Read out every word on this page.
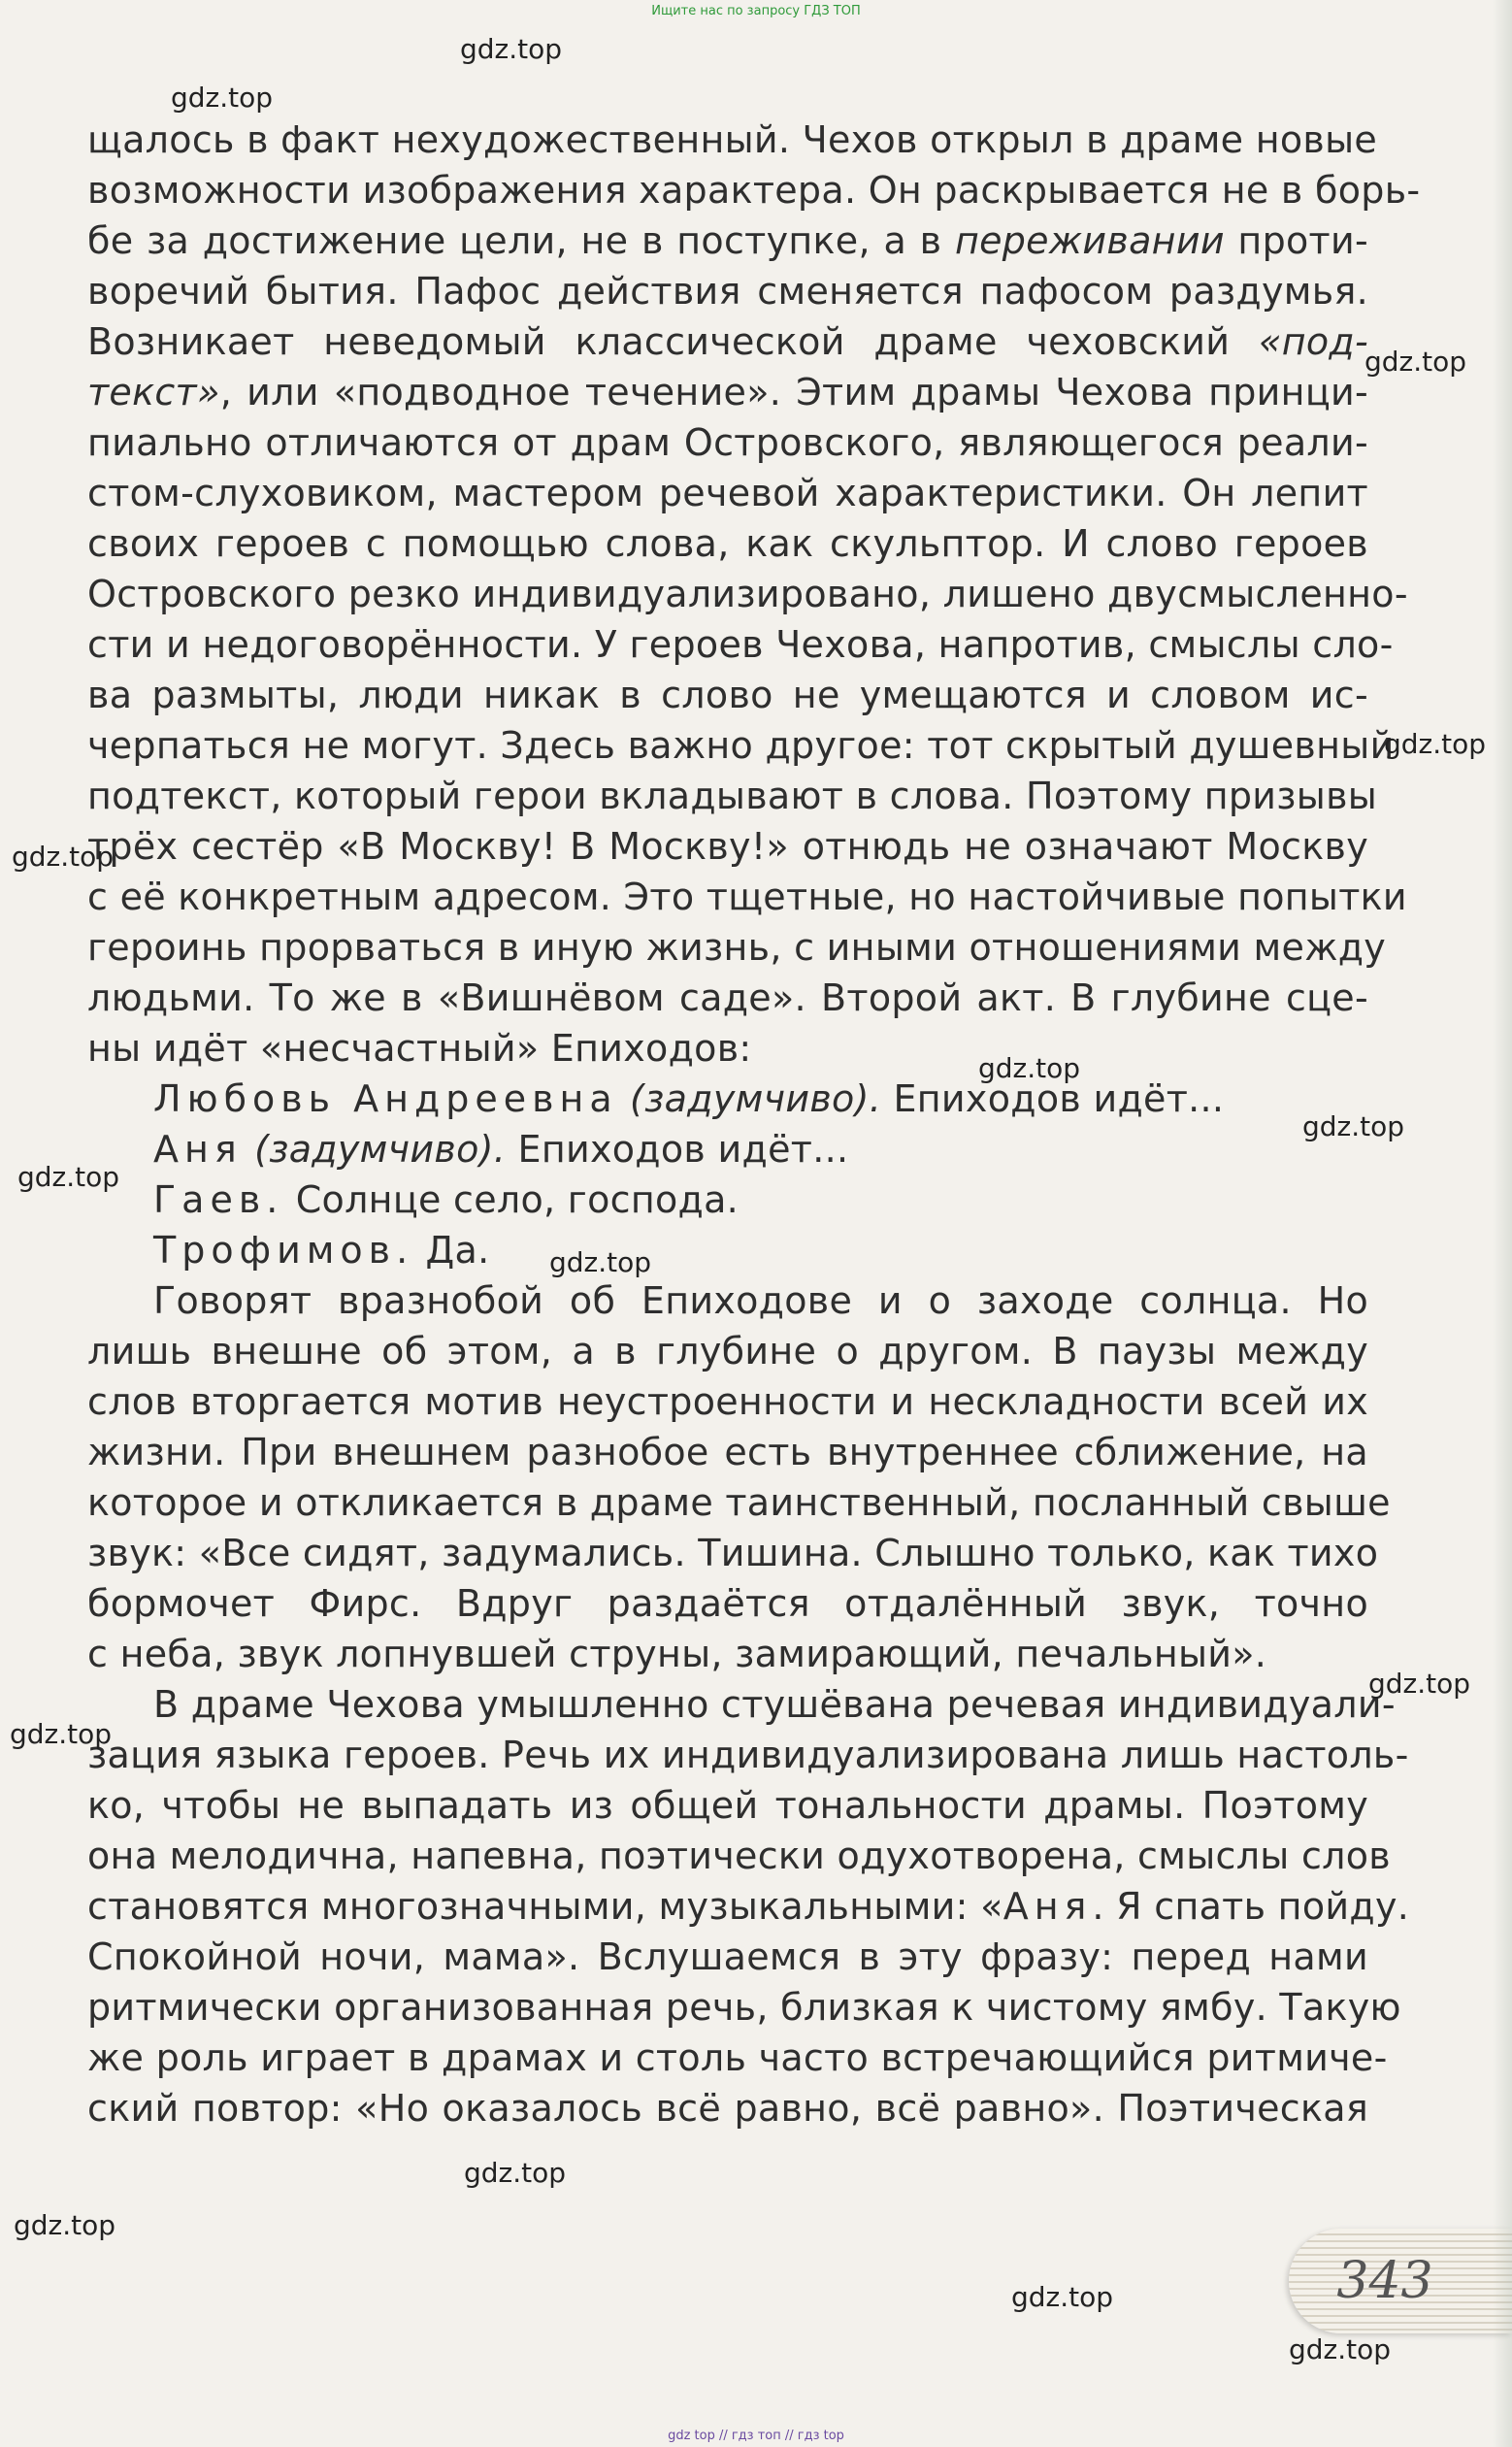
Ищите нас по запросу ГДЗ ТОП

щалось в факт нехудожественный. Чехов открыл в драме новые

возможности изображения характера. Он раскрывается не в борь-

бе за достижение цели, не в поступке, а в переживании проти-

воречий бытия. Пафос действия сменяется пафосом раздумья.

Возникает неведомый классической драме чеховский «под-

текст», или «подводное течение». Этим драмы Чехова принци-

пиально отличаются от драм Островского, являющегося реали-

стом-слуховиком, мастером речевой характеристики. Он лепит

своих героев с помощью слова, как скульптор. И слово героев

Островского резко индивидуализировано, лишено двусмысленно-

сти и недоговорённости. У героев Чехова, напротив, смыслы сло-

ва размыты, люди никак в слово не умещаются и словом ис-

черпаться не могут. Здесь важно другое: тот скрытый душевный

подтекст, который герои вкладывают в слова. Поэтому призывы

трёх сестёр «В Москву! В Москву!» отнюдь не означают Москву

с её конкретным адресом. Это тщетные, но настойчивые попытки

героинь прорваться в иную жизнь, с иными отношениями между

людьми. То же в «Вишнёвом саде». Второй акт. В глубине сце-

ны идёт «несчастный» Епиходов:

Любовь Андреевна (задумчиво). Епиходов идёт...

Аня (задумчиво). Епиходов идёт...

Гаев. Солнце село, господа.

Трофимов. Да.

Говорят вразнобой об Епиходове и о заходе солнца. Но

лишь внешне об этом, а в глубине о другом. В паузы между

слов вторгается мотив неустроенности и нескладности всей их

жизни. При внешнем разнобое есть внутреннее сближение, на

которое и откликается в драме таинственный, посланный свыше

звук: «Все сидят, задумались. Тишина. Слышно только, как тихо

бормочет Фирс. Вдруг раздаётся отдалённый звук, точно

с неба, звук лопнувшей струны, замирающий, печальный».

В драме Чехова умышленно стушёвана речевая индивидуали-

зация языка героев. Речь их индивидуализирована лишь настоль-

ко, чтобы не выпадать из общей тональности драмы. Поэтому

она мелодична, напевна, поэтически одухотворена, смыслы слов

становятся многозначными, музыкальными: «Аня. Я спать пойду.

Спокойной ночи, мама». Вслушаемся в эту фразу: перед нами

ритмически организованная речь, близкая к чистому ямбу. Такую

же роль играет в драмах и столь часто встречающийся ритмиче-

ский повтор: «Но оказалось всё равно, всё равно». Поэтическая

gdz.top
gdz.top
gdz.top
gdz.top
gdz.top
gdz.top
gdz.top
gdz.top
gdz.top
gdz.top
gdz.top
gdz.top
gdz.top
gdz.top
gdz.top
343
gdz top // гдз топ // гдз top
